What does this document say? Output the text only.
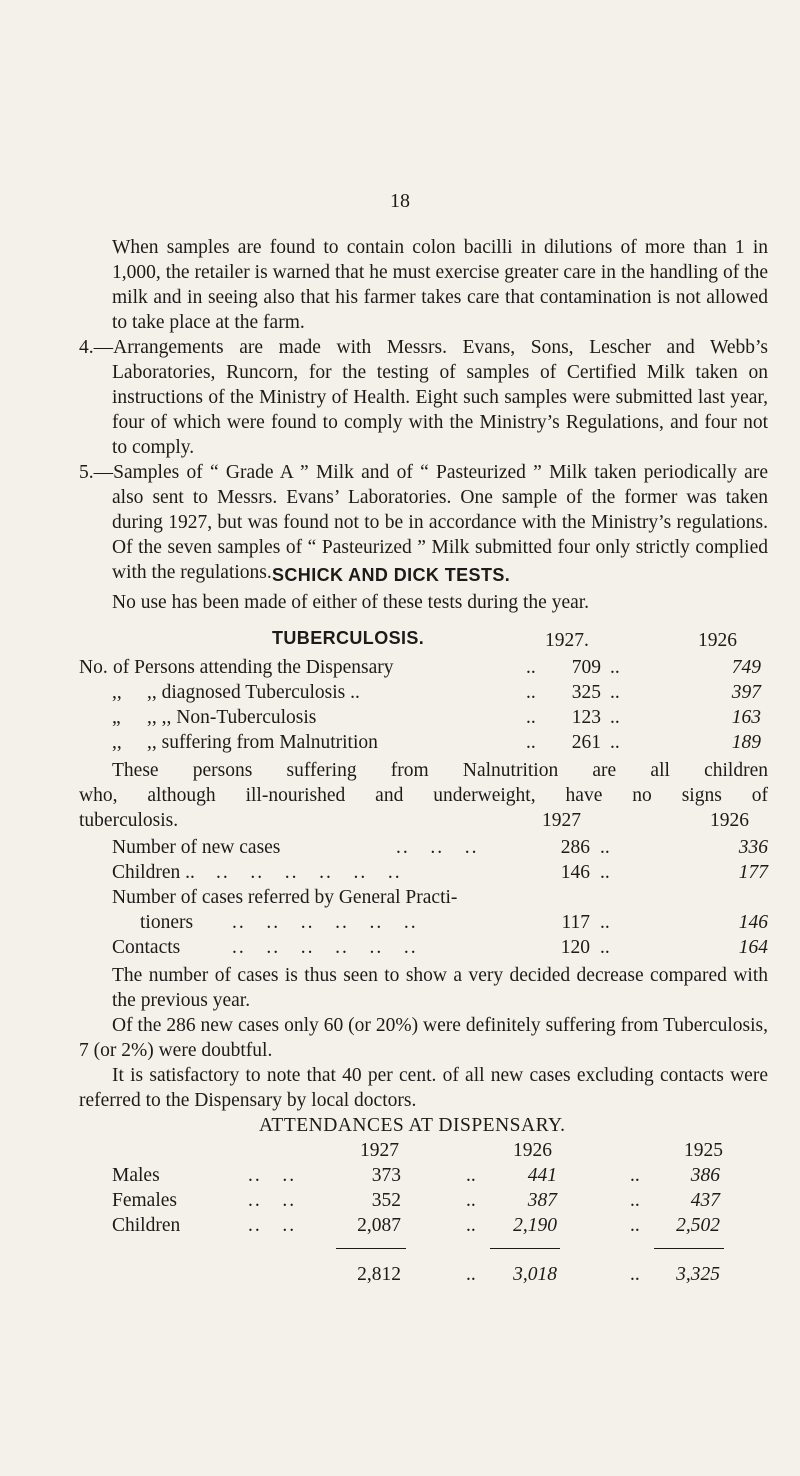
18

When samples are found to contain colon bacilli in dilutions of more than 1 in 1,000, the retailer is warned that he must exercise greater care in the handling of the milk and in seeing also that his farmer takes care that contamination is not allowed to take place at the farm.

4.—Arrangements are made with Messrs. Evans, Sons, Lescher and Webb’s Laboratories, Runcorn, for the testing of samples of Certified Milk taken on instructions of the Ministry of Health. Eight such samples were submitted last year, four of which were found to comply with the Ministry’s Regulations, and four not to comply.

5.—Samples of “ Grade A ” Milk and of “ Pasteurized ” Milk taken periodically are also sent to Messrs. Evans’ Laboratories. One sample of the former was taken during 1927, but was found not to be in accordance with the Ministry’s regulations. Of the seven samples of “ Pasteurized ” Milk submitted four only strictly complied with the regulations. SCHICK AND DICK TESTS.
No use has been made of either of these tests during the year.
TUBERCULOSIS.	1927.	1926
No. of Persons attending the Dispensary	.. 709 ..	749
,, ,, diagnosed Tuberculosis ..	.. 325 ..	397
„ ,, ,, Non-Tuberculosis	.. 123 ..	163
,, ,, suffering from Malnutrition	.. 261 ..	189
These persons suffering from Nalnutrition are all children
who, although ill-nourished and underweight, have no signs of
tuberculosis.	1927	1926
Number of new cases	..   ..   ..	286 ..	336
Children .. ..   ..   ..   ..   ..   ..	146 ..	177
Number of cases referred by General Practi-
tioners ..   ..   ..   ..   ..   ..	117 ..	146
Contacts	..   ..   ..   ..   ..   ..	120 ..	164

The number of cases is thus seen to show a very decided decrease compared with the previous year.

Of the 286 new cases only 60 (or 20%) were definitely suffering from Tuberculosis, 7 (or 2%) were doubtful.

It is satisfactory to note that 40 per cent. of all new cases excluding contacts were referred to the Dispensary by local doctors.

ATTENDANCES AT DISPENSARY.
1927	1926	1925
Males	..   ..	373	..	441	..	386
Females	..   ..	352	..	387	..	437
Children	..   ..	2,087	.. 2,190	.. 2,502
2,812	.. 3,018	.. 3,325
